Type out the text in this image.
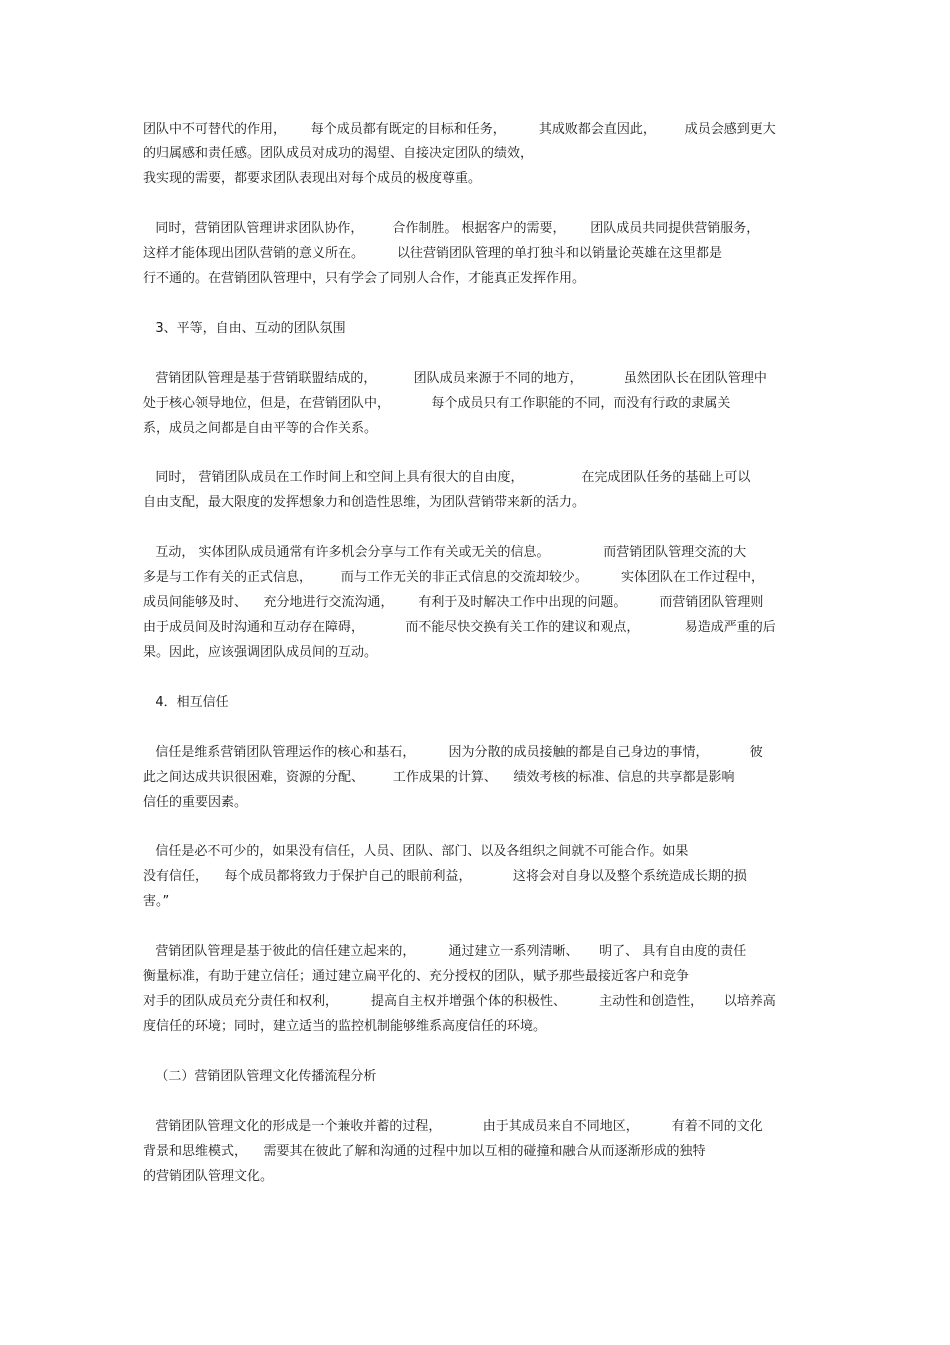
团队中不可替代的作用，      每个成员都有既定的目标和任务，        其成败都会直因此，       成员会感到更大
的归属感和责任感。团队成员对成功的渴望、自接决定团队的绩效，
我实现的需要，都要求团队表现出对每个成员的极度尊重。
同时，营销团队管理讲求团队协作，       合作制胜。 根据客户的需要，      团队成员共同提供营销服务，
这样才能体现出团队营销的意义所在。        以往营销团队管理的单打独斗和以销量论英雄在这里都是
行不通的。在营销团队管理中，只有学会了同别人合作，才能真正发挥作用。
3、平等，自由、互动的团队氛围
营销团队管理是基于营销联盟结成的，         团队成员来源于不同的地方，          虽然团队长在团队管理中
处于核心领导地位，但是，在营销团队中，          每个成员只有工作职能的不同，而没有行政的隶属关
系，成员之间都是自由平等的合作关系。
同时， 营销团队成员在工作时间上和空间上具有很大的自由度，              在完成团队任务的基础上可以
自由支配，最大限度的发挥想象力和创造性思维，为团队营销带来新的活力。
互动， 实体团队成员通常有许多机会分享与工作有关或无关的信息。             而营销团队管理交流的大
多是与工作有关的正式信息，       而与工作无关的非正式信息的交流却较少。        实体团队在工作过程中，
成员间能够及时、    充分地进行交流沟通，      有利于及时解决工作中出现的问题。        而营销团队管理则
由于成员间及时沟通和互动存在障碍，          而不能尽快交换有关工作的建议和观点，           易造成严重的后
果。因此，应该强调团队成员间的互动。
4．相互信任
信任是维系营销团队管理运作的核心和基石，        因为分散的成员接触的都是自己身边的事情，          彼
此之间达成共识很困难，资源的分配、       工作成果的计算、    绩效考核的标准、信息的共享都是影响
信任的重要因素。
信任是必不可少的，如果没有信任，人员、团队、部门、以及各组织之间就不可能合作。如果
没有信任，    每个成员都将致力于保护自己的眼前利益，          这将会对自身以及整个系统造成长期的损
害。”
营销团队管理是基于彼此的信任建立起来的，        通过建立一系列清晰、     明了、 具有自由度的责任
衡量标准，有助于建立信任；通过建立扁平化的、充分授权的团队，赋予那些最接近客户和竞争
对手的团队成员充分责任和权利，        提高自主权并增强个体的积极性、        主动性和创造性，     以培养高
度信任的环境；同时，建立适当的监控机制能够维系高度信任的环境。
（二）营销团队管理文化传播流程分析
营销团队管理文化的形成是一个兼收并蓄的过程，          由于其成员来自不同地区，        有着不同的文化
背景和思维模式，    需要其在彼此了解和沟通的过程中加以互相的碰撞和融合从而逐渐形成的独特
的营销团队管理文化。
